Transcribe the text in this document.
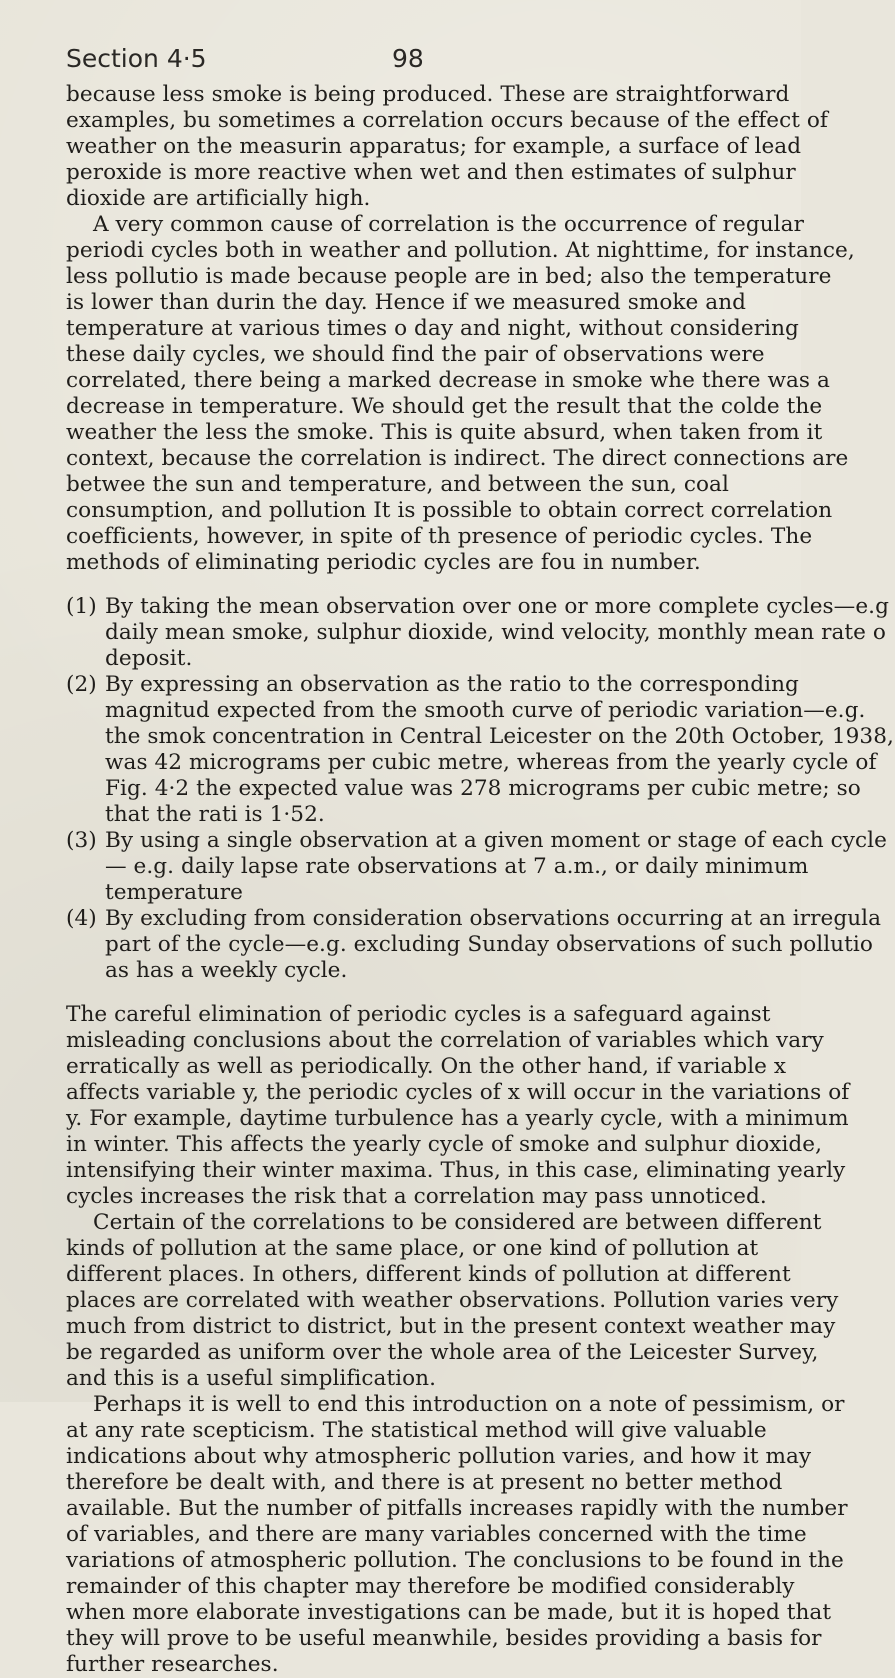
Section 4·5	98

because less smoke is being produced. These are straightforward examples, bu sometimes a correlation occurs because of the effect of weather on the measurin apparatus; for example, a surface of lead peroxide is more reactive when wet and then estimates of sulphur dioxide are artificially high.

A very common cause of correlation is the occurrence of regular periodi cycles both in weather and pollution. At nighttime, for instance, less pollutio is made because people are in bed; also the temperature is lower than durin the day. Hence if we measured smoke and temperature at various times o day and night, without considering these daily cycles, we should find the pair of observations were correlated, there being a marked decrease in smoke whe there was a decrease in temperature. We should get the result that the colde the weather the less the smoke. This is quite absurd, when taken from it context, because the correlation is indirect. The direct connections are betwee the sun and temperature, and between the sun, coal consumption, and pollution It is possible to obtain correct correlation coefficients, however, in spite of th presence of periodic cycles. The methods of eliminating periodic cycles are fou in number.

(1) By taking the mean observation over one or more complete cycles—e.g daily mean smoke, sulphur dioxide, wind velocity, monthly mean rate o deposit.

(2) By expressing an observation as the ratio to the corresponding magnitud expected from the smooth curve of periodic variation—e.g. the smok concentration in Central Leicester on the 20th October, 1938, was 42 micrograms per cubic metre, whereas from the yearly cycle of Fig. 4·2 the expected value was 278 micrograms per cubic metre; so that the rati is 1·52.

(3) By using a single observation at a given moment or stage of each cycle— e.g. daily lapse rate observations at 7 a.m., or daily minimum temperature

(4) By excluding from consideration observations occurring at an irregula part of the cycle—e.g. excluding Sunday observations of such pollutio as has a weekly cycle.

The careful elimination of periodic cycles is a safeguard against misleading conclusions about the correlation of variables which vary erratically as well as periodically. On the other hand, if variable x affects variable y, the periodic cycles of x will occur in the variations of y. For example, daytime turbulence has a yearly cycle, with a minimum in winter. This affects the yearly cycle of smoke and sulphur dioxide, intensifying their winter maxima. Thus, in this case, eliminating yearly cycles increases the risk that a correlation may pass unnoticed.

Certain of the correlations to be considered are between different kinds of pollution at the same place, or one kind of pollution at different places. In others, different kinds of pollution at different places are correlated with weather observations. Pollution varies very much from district to district, but in the present context weather may be regarded as uniform over the whole area of the Leicester Survey, and this is a useful simplification.

Perhaps it is well to end this introduction on a note of pessimism, or at any rate scepticism. The statistical method will give valuable indications about why atmospheric pollution varies, and how it may therefore be dealt with, and there is at present no better method available. But the number of pitfalls increases rapidly with the number of variables, and there are many variables concerned with the time variations of atmospheric pollution. The conclusions to be found in the remainder of this chapter may therefore be modified considerably when more elaborate investigations can be made, but it is hoped that they will prove to be useful meanwhile, besides providing a basis for further researches.
